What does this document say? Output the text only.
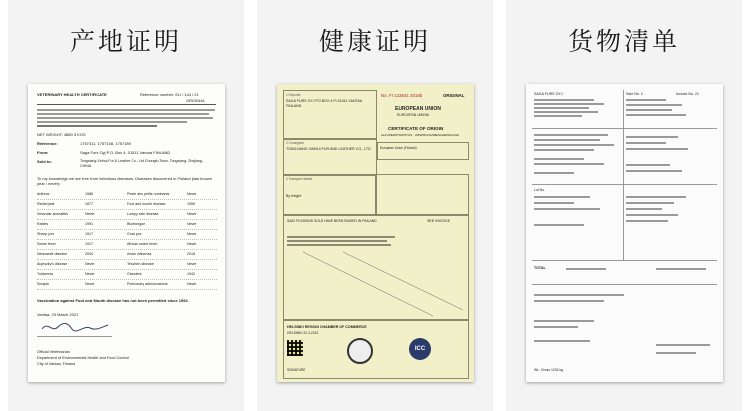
产地证明
VETERINARY HEALTH CERTIFICATE	Reference number: EU / 144 / 21
ORIGINAL
NET WEIGHT: 4880,3 KGS
Reference:	1757311, 1757108, 1757189
From:	Saga Furs Oyj P.O. Box 4, 01511 Vantaa FINLAND
Sold to:	Tongxiang Xinhui Fur & Leather Co., Ltd Chongfu Town, Tongxiang, Zhejiang, CHINA
To my knowledge we are free from infectious diseases. Diseases discovered in Finland (last known year / never):
Anthrax	1988	Peste des petits ruminants	Never
Rinderpest	1877	Foot and mouth disease	1959
Vesicular stomatitis	Never	Lumpy skin disease	Never
Rabies	1991	Bluetongue	Never
Sheep pox	1917	Goat pox	Never
Swine fever	1917	African swine fever	Never
Newcastle disease	2004	Avian influenza	2018
Aujeszky's disease	Never	Teschen disease	Never
Tularemia	Never	Glanders	1942
Scrapie	Never	Pulmonary adenomatosis	Never
Vaccination against Foot and Mouth disease has not been permitted since 1992.
Vantaa, 23 March 2021
Official Veterinarian
Department of Environmental Health and Food Control
City of Vantaa, Finland
健康证明
1 Exporter
SAGA FURS OYJ PO BOX 4 FI-01511 VANTAA FINLAND
2 Consignee
TONGXIANG XINHUI FUR AND LEATHER CO., LTD
No. FI 123641 2018b	ORIGINAL
EUROPEAN UNION
EUROOPAN UNIONI
CERTIFICATE OF ORIGIN
ALKUPERÄTODISTUS · URSPRUNGSBESCHEINIGUNG
European Union (Finland)
4 Transport details
By freight
SAID FOXSKINS SOLD HAVE BEEN RAISED IN FINLAND	SEE INVOICE
HELSINKI REGION CHAMBER OF COMMERCE
HELSINKI 22.3.2021
ICC
SIGNATURE
货物清单
SAGA FURS OYJ	Sale No. 2	Invoice No. 21
Lot No.
TOTAL
Wt.: Gross 1234 kg
